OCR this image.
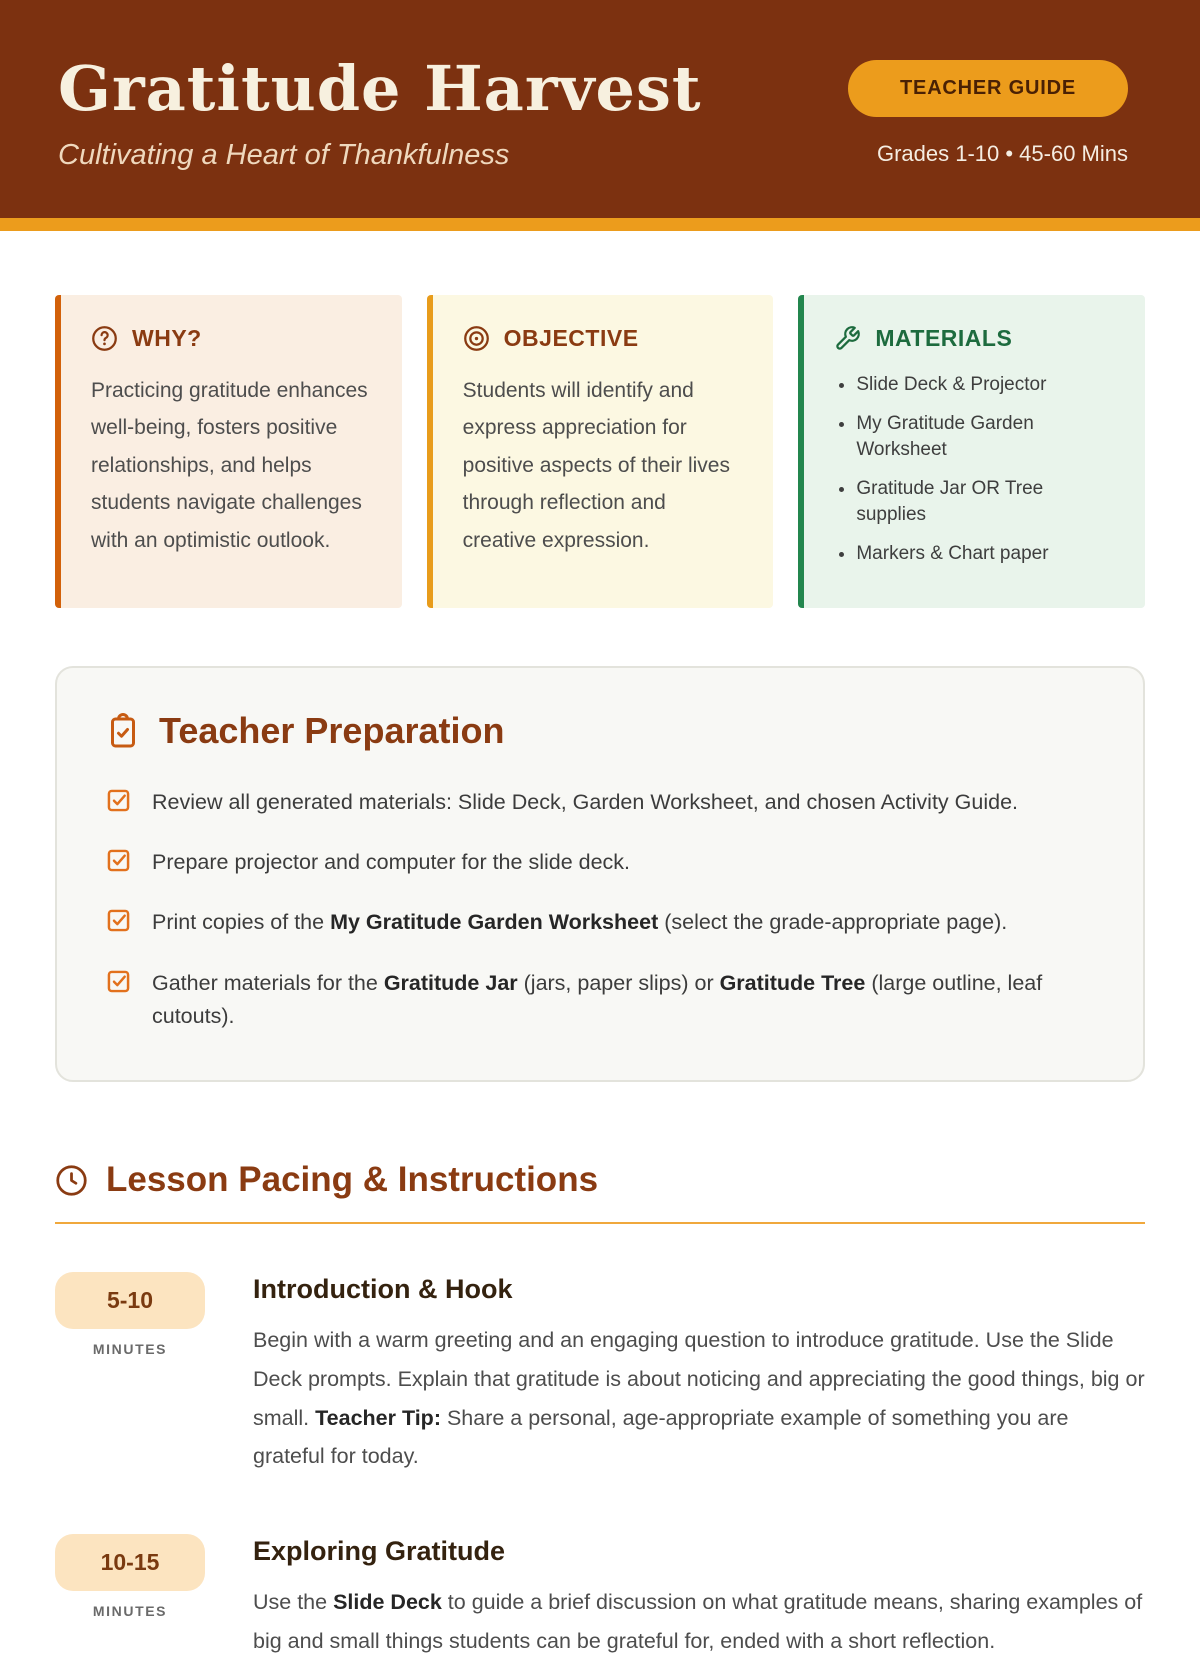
Gratitude Harvest
Cultivating a Heart of Thankfulness
TEACHER GUIDE
Grades 1-10 • 45-60 Mins
WHY?
Practicing gratitude enhances well-being, fosters positive relationships, and helps students navigate challenges with an optimistic outlook.
OBJECTIVE
Students will identify and express appreciation for positive aspects of their lives through reflection and creative expression.
MATERIALS
• Slide Deck & Projector
• My Gratitude Garden Worksheet
• Gratitude Jar OR Tree supplies
• Markers & Chart paper
Teacher Preparation
Review all generated materials: Slide Deck, Garden Worksheet, and chosen Activity Guide.
Prepare projector and computer for the slide deck.
Print copies of the My Gratitude Garden Worksheet (select the grade-appropriate page).
Gather materials for the Gratitude Jar (jars, paper slips) or Gratitude Tree (large outline, leaf cutouts).
Lesson Pacing & Instructions
5-10
MINUTES
Introduction & Hook
Begin with a warm greeting and an engaging question to introduce gratitude. Use the Slide Deck prompts. Explain that gratitude is about noticing and appreciating the good things, big or small. Teacher Tip: Share a personal, age-appropriate example of something you are grateful for today.
10-15
MINUTES
Exploring Gratitude
Use the Slide Deck to guide a brief discussion on what gratitude means, sharing examples of big and small things students can be grateful for, ended with a short reflection.
